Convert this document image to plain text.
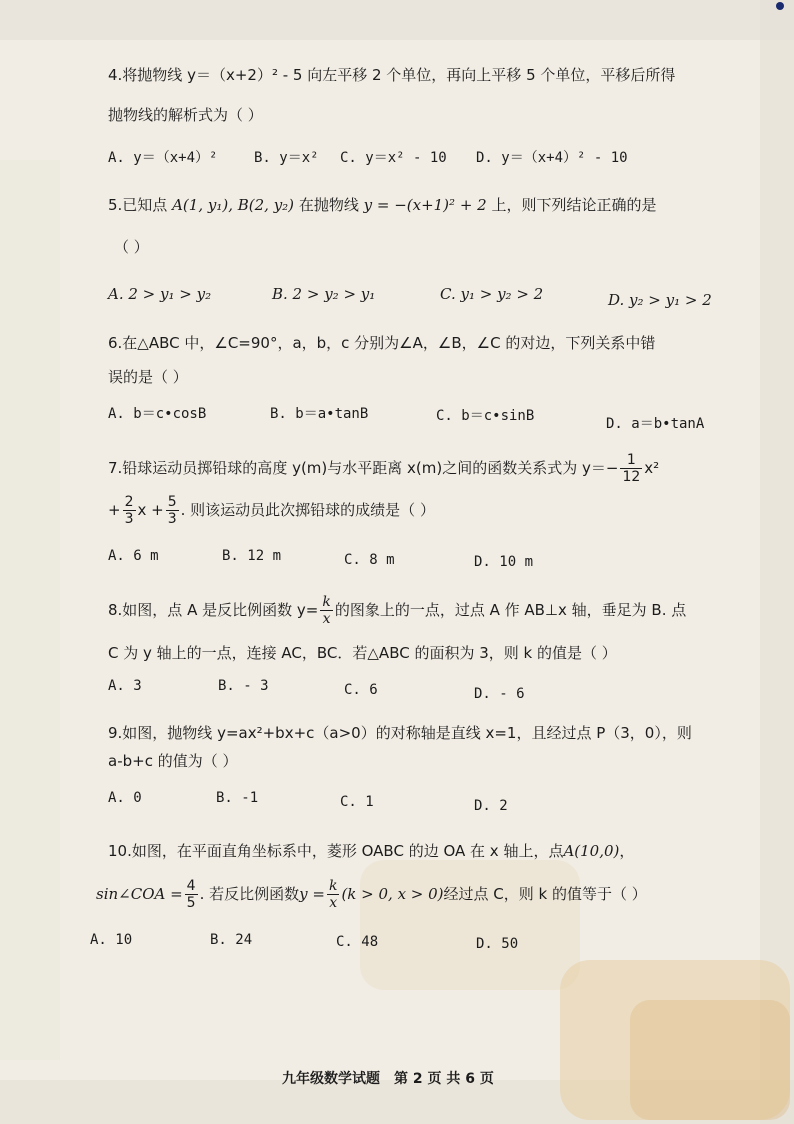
4.将抛物线 y＝（x+2）² - 5 向左平移 2 个单位，再向上平移 5 个单位，平移后所得
抛物线的解析式为（ ）
A. y＝（x+4）²	B. y＝x² C. y＝x² - 10 D. y＝（x+4）² - 10
5.已知点 A(1, y₁), B(2, y₂) 在抛物线 y = −(x+1)² + 2 上，则下列结论正确的是
（ ）
A. 2 > y₁ > y₂	B. 2 > y₂ > y₁	C. y₁ > y₂ > 2	D. y₂ > y₁ > 2
6.在△ABC 中，∠C=90°，a，b，c 分别为∠A，∠B，∠C 的对边，下列关系中错
误的是（ ）
A. b＝c•cosB	B. b＝a•tanB	C. b＝c•sinB	D. a＝b•tanA
7.铅球运动员掷铅球的高度 y(m)与水平距离 x(m)之间的函数关系式为 $y=- \frac{1}{12} x^2$
+ $\frac{2}{3}$ $x + \frac{5}{3}$ . 则该运动员此次掷铅球的成绩是（ ）
A. 6 m	B. 12 m	C. 8 m	D. 10 m
8.如图，点 A 是反比例函数 $y= \frac{k}{x}$ 的图象上的一点，过点 A 作 AB⊥x 轴，垂足为 B. 点
C 为 y 轴上的一点，连接 AC，BC．若△ABC 的面积为 3，则 k 的值是（ ）
A. 3	B. - 3	C. 6	D. - 6
9.如图，抛物线 y=ax²+bx+c（a>0）的对称轴是直线 x=1，且经过点 P（3，0），则
a-b+c 的值为（ ）
A. 0	B. -1	C. 1	D. 2
10.如图，在平面直角坐标系中，菱形 OABC 的边 OA 在 x 轴上，点A(10,0)，
sin∠COA = $\frac{4}{5}$ . 若反比例函数$y = \frac{k}{x} (k > 0$, x > 0)经过点 C，则 k 的值等于（ ）
A. 10	B. 24	C. 48	D. 50
九年级数学试题　第 2 页 共 6 页
